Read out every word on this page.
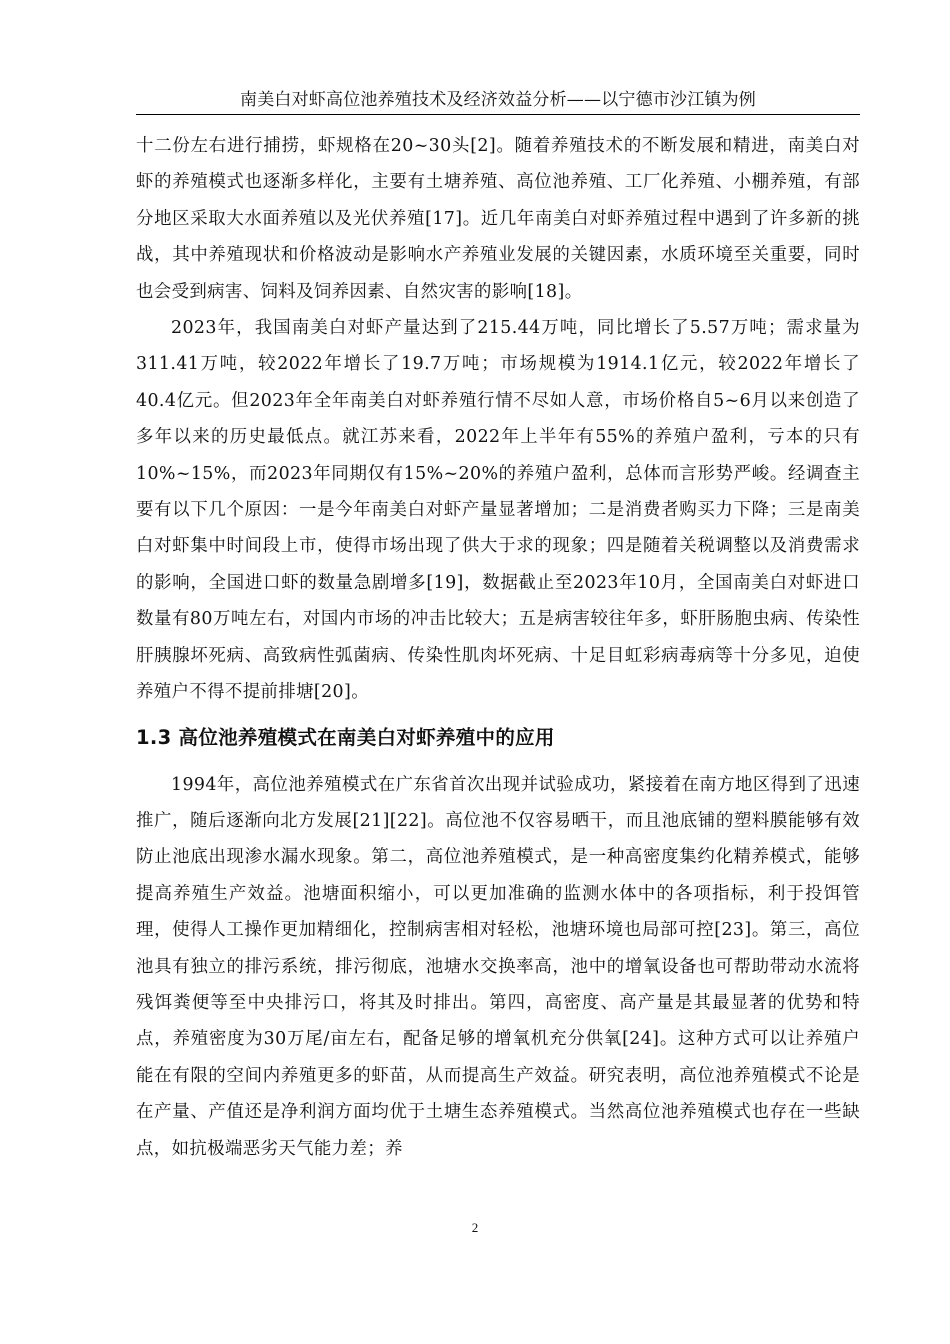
南美白对虾高位池养殖技术及经济效益分析——以宁德市沙江镇为例

十二份左右进行捕捞，虾规格在20~30头[2]。随着养殖技术的不断发展和精进，南美白对虾的养殖模式也逐渐多样化，主要有土塘养殖、高位池养殖、工厂化养殖、小棚养殖，有部分地区采取大水面养殖以及光伏养殖[17]。近几年南美白对虾养殖过程中遇到了许多新的挑战，其中养殖现状和价格波动是影响水产养殖业发展的关键因素，水质环境至关重要，同时也会受到病害、饲料及饲养因素、自然灾害的影响[18]。

2023年，我国南美白对虾产量达到了215.44万吨，同比增长了5.57万吨；需求量为311.41万吨，较2022年增长了19.7万吨；市场规模为1914.1亿元，较2022年增长了40.4亿元。但2023年全年南美白对虾养殖行情不尽如人意，市场价格自5~6月以来创造了多年以来的历史最低点。就江苏来看，2022年上半年有55%的养殖户盈利，亏本的只有10%~15%，而2023年同期仅有15%~20%的养殖户盈利，总体而言形势严峻。经调查主要有以下几个原因：一是今年南美白对虾产量显著增加；二是消费者购买力下降；三是南美白对虾集中时间段上市，使得市场出现了供大于求的现象；四是随着关税调整以及消费需求的影响，全国进口虾的数量急剧增多[19]，数据截止至2023年10月，全国南美白对虾进口数量有80万吨左右，对国内市场的冲击比较大；五是病害较往年多，虾肝肠胞虫病、传染性肝胰腺坏死病、高致病性弧菌病、传染性肌肉坏死病、十足目虹彩病毒病等十分多见，迫使养殖户不得不提前排塘[20]。

1.3 高位池养殖模式在南美白对虾养殖中的应用

1994年，高位池养殖模式在广东省首次出现并试验成功，紧接着在南方地区得到了迅速推广，随后逐渐向北方发展[21][22]。高位池不仅容易晒干，而且池底铺的塑料膜能够有效防止池底出现渗水漏水现象。第二，高位池养殖模式，是一种高密度集约化精养模式，能够提高养殖生产效益。池塘面积缩小，可以更加准确的监测水体中的各项指标，利于投饵管理，使得人工操作更加精细化，控制病害相对轻松，池塘环境也局部可控[23]。第三，高位池具有独立的排污系统，排污彻底，池塘水交换率高，池中的增氧设备也可帮助带动水流将残饵粪便等至中央排污口，将其及时排出。第四，高密度、高产量是其最显著的优势和特点，养殖密度为30万尾/亩左右，配备足够的增氧机充分供氧[24]。这种方式可以让养殖户能在有限的空间内养殖更多的虾苗，从而提高生产效益。研究表明，高位池养殖模式不论是在产量、产值还是净利润方面均优于土塘生态养殖模式。当然高位池养殖模式也存在一些缺点，如抗极端恶劣天气能力差；养

2
